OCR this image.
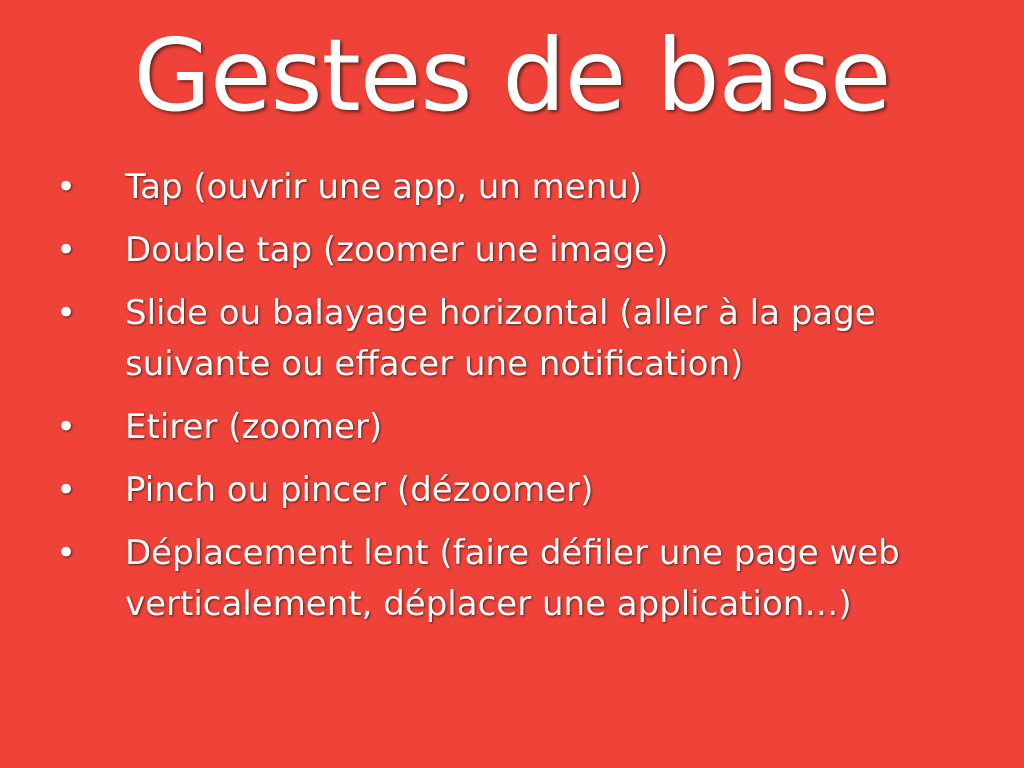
Gestes de base
• Tap (ouvrir une app, un menu)
• Double tap (zoomer une image)
• Slide ou balayage horizontal (aller à la page suivante ou effacer une notification)
• Etirer (zoomer)
• Pinch ou pincer (dézoomer)
• Déplacement lent (faire défiler une page web verticalement, déplacer une application…)
